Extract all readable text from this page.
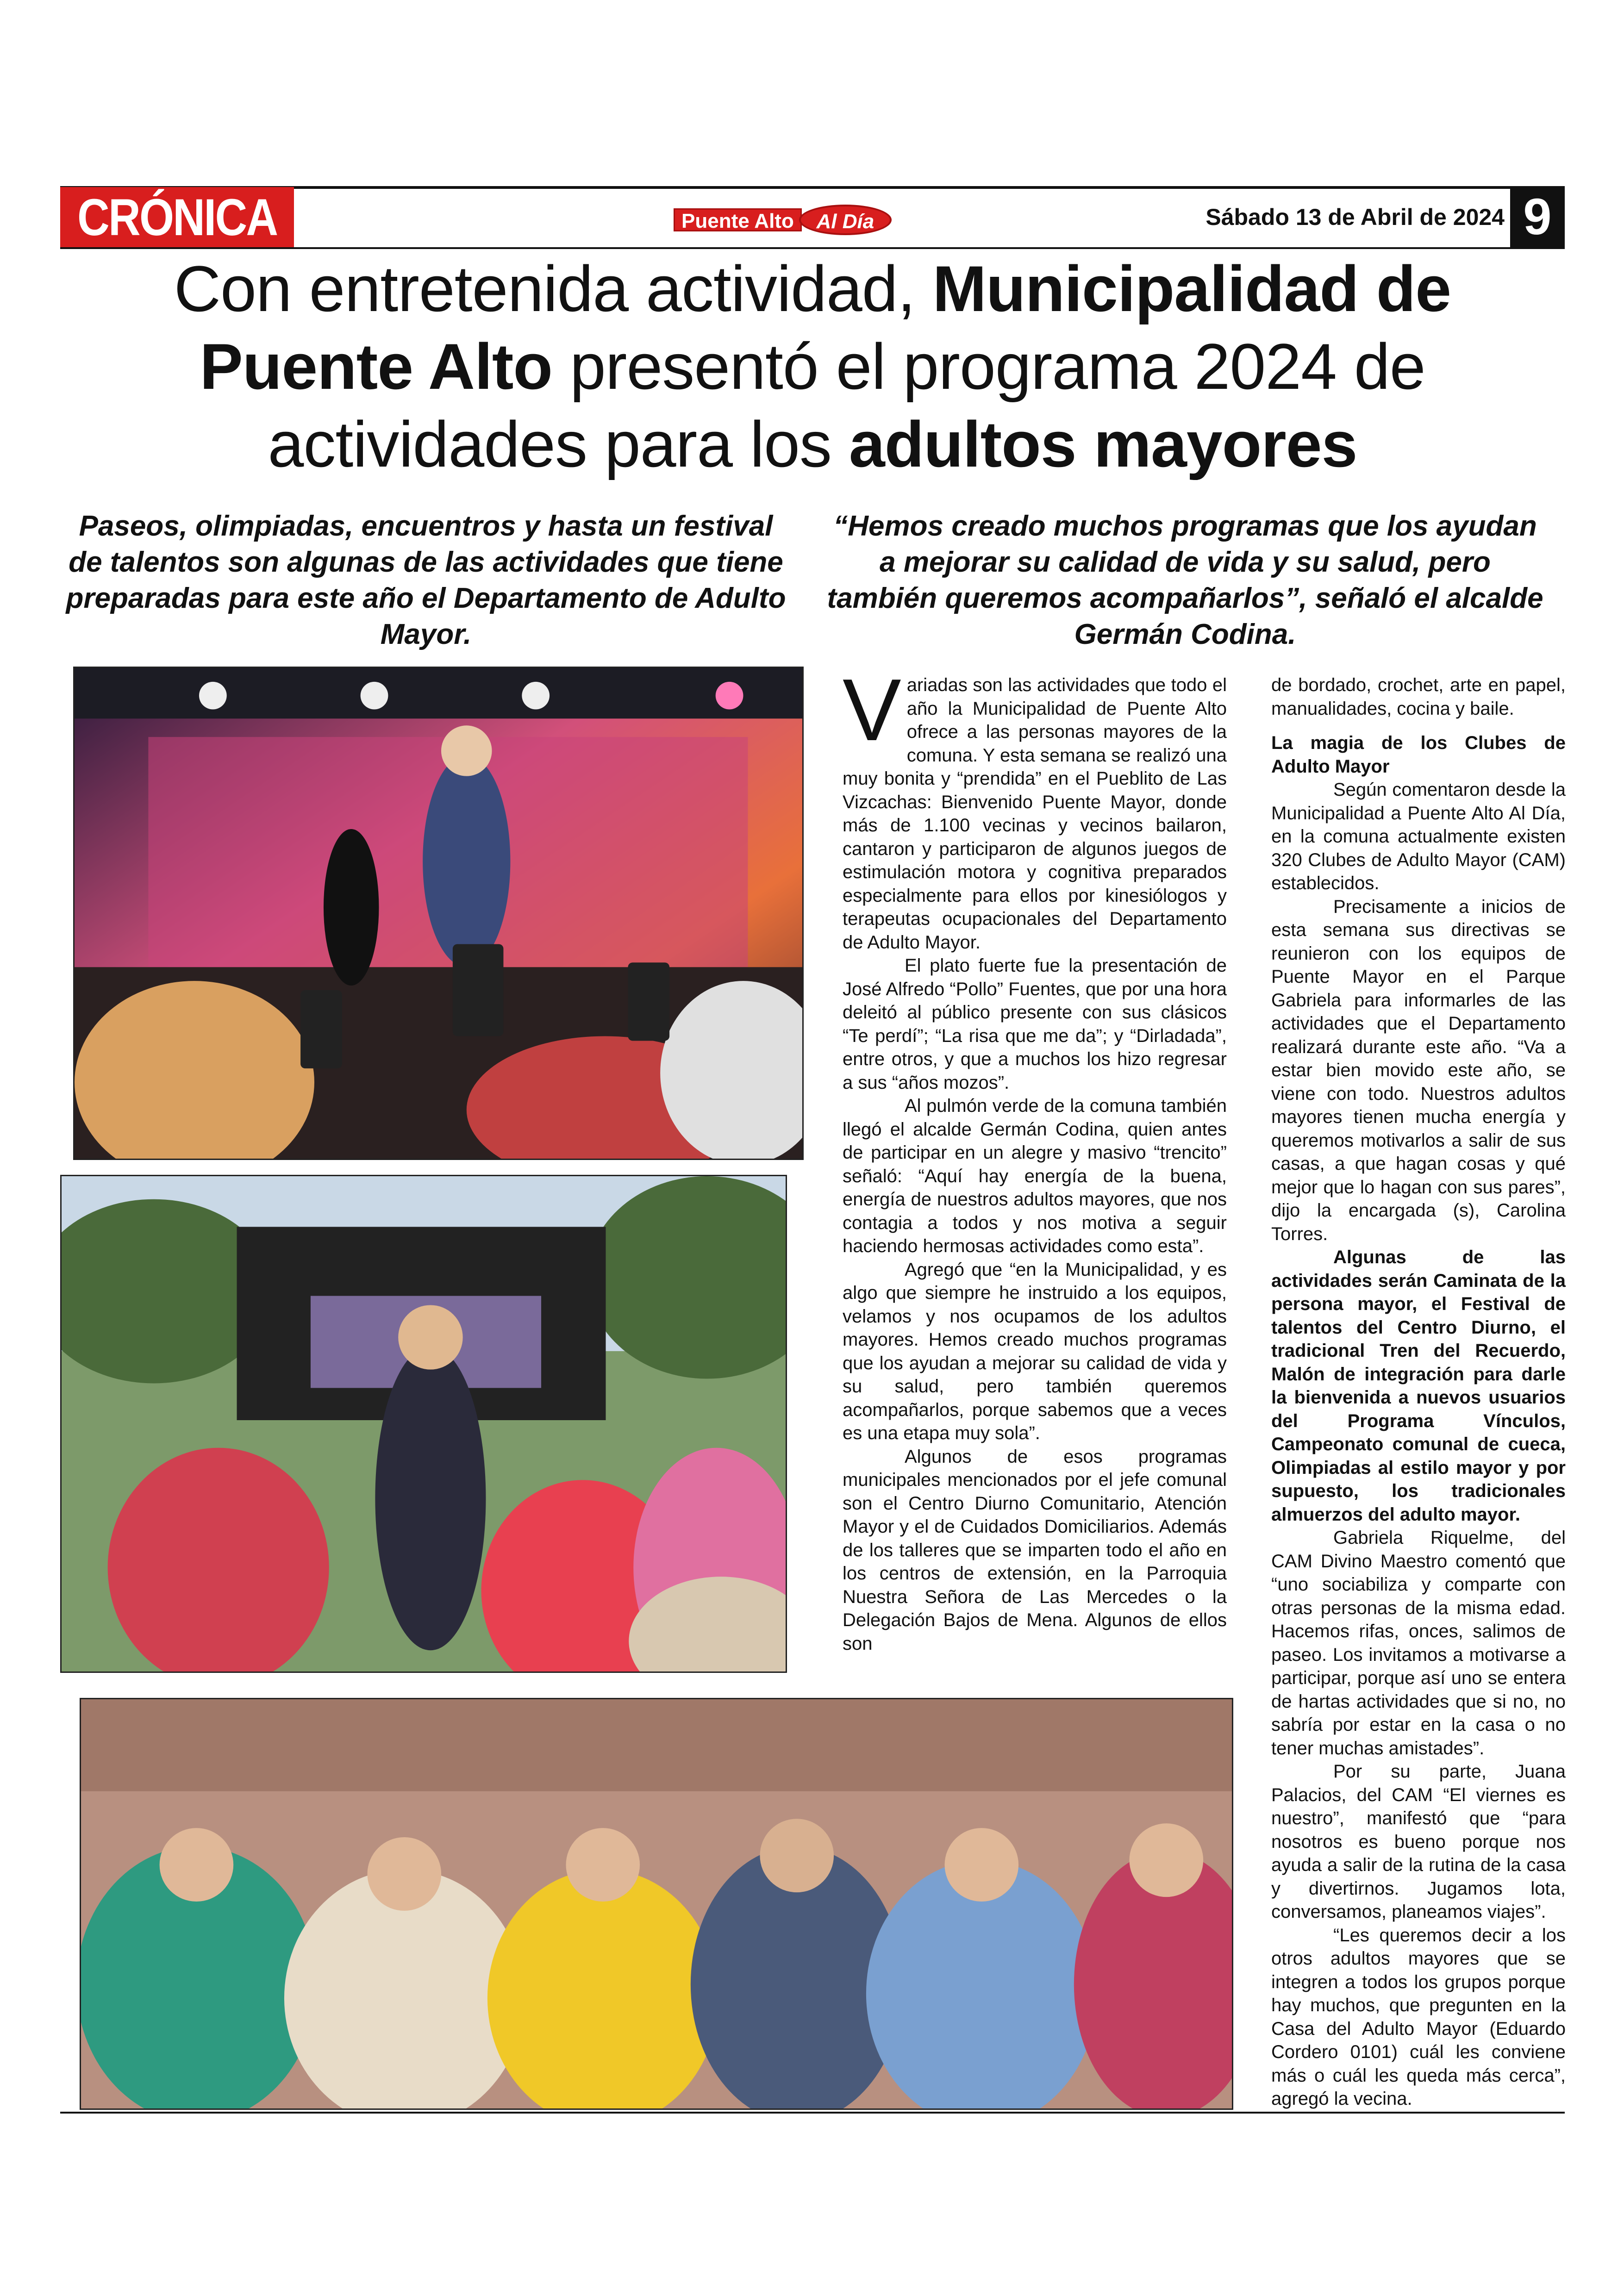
CRÓNICA	Puente Alto	Al Día	Sábado 13 de Abril de 2024 9
Con entretenida actividad, Municipalidad de Puente Alto presentó el programa 2024 de actividades para los adultos mayores
Paseos, olimpiadas, encuentros y hasta un festival de talentos son algunas de las actividades que tiene preparadas para este año el Departamento de Adulto Mayor.
“Hemos creado muchos programas que los ayudan a mejorar su calidad de vida y su salud, pero también queremos acompañarlos”, señaló el alcalde Germán Codina.

Variadas son las actividades que todo el año la Municipalidad de Puente Alto ofrece a las personas mayores de la comuna. Y esta semana se realizó una muy bonita y “prendida” en el Pueblito de Las Vizcachas: Bienvenido Puente Mayor, donde más de 1.100 vecinas y vecinos bailaron, cantaron y participaron de algunos juegos de estimulación motora y cognitiva preparados especialmente para ellos por kinesiólogos y terapeutas ocupacionales del Departamento de Adulto Mayor.

El plato fuerte fue la presentación de José Alfredo “Pollo” Fuentes, que por una hora deleitó al público presente con sus clásicos “Te perdí”; “La risa que me da”; y “Dirladada”, entre otros, y que a muchos los hizo regresar a sus “años mozos”.

Al pulmón verde de la comuna también llegó el alcalde Germán Codina, quien antes de participar en un alegre y masivo “trencito” señaló: “Aquí hay energía de la buena, energía de nuestros adultos mayores, que nos contagia a todos y nos motiva a seguir haciendo hermosas actividades como esta”.

Agregó que “en la Municipalidad, y es algo que siempre he instruido a los equipos, velamos y nos ocupamos de los adultos mayores. Hemos creado muchos programas que los ayudan a mejorar su calidad de vida y su salud, pero también queremos acompañarlos, porque sabemos que a veces es una etapa muy sola”.

Algunos de esos programas municipales mencionados por el jefe comunal son el Centro Diurno Comunitario, Atención Mayor y el de Cuidados Domiciliarios. Además de los talleres que se imparten todo el año en los centros de extensión, en la Parroquia Nuestra Señora de Las Mercedes o la Delegación Bajos de Mena. Algunos de ellos son

de bordado, crochet, arte en papel, manualidades, cocina y baile.

La magia de los Clubes de Adulto Mayor

Según comentaron desde la Municipalidad a Puente Alto Al Día, en la comuna actualmente existen 320 Clubes de Adulto Mayor (CAM) establecidos.

Precisamente a inicios de esta semana sus directivas se reunieron con los equipos de Puente Mayor en el Parque Gabriela para informarles de las actividades que el Departamento realizará durante este año. “Va a estar bien movido este año, se viene con todo. Nuestros adultos mayores tienen mucha energía y queremos motivarlos a salir de sus casas, a que hagan cosas y qué mejor que lo hagan con sus pares”, dijo la encargada (s), Carolina Torres.

Algunas de las actividades serán Caminata de la persona mayor, el Festival de talentos del Centro Diurno, el tradicional Tren del Recuerdo, Malón de integración para darle la bienvenida a nuevos usuarios del Programa Vínculos, Campeonato comunal de cueca, Olimpiadas al estilo mayor y por supuesto, los tradicionales almuerzos del adulto mayor.

Gabriela Riquelme, del CAM Divino Maestro comentó que “uno sociabiliza y comparte con otras personas de la misma edad. Hacemos rifas, onces, salimos de paseo. Los invitamos a motivarse a participar, porque así uno se entera de hartas actividades que si no, no sabría por estar en la casa o no tener muchas amistades”.

Por su parte, Juana Palacios, del CAM “El viernes es nuestro”, manifestó que “para nosotros es bueno porque nos ayuda a salir de la rutina de la casa y divertirnos. Jugamos lota, conversamos, planeamos viajes”.

“Les queremos decir a los otros adultos mayores que se integren a todos los grupos porque hay muchos, que pregunten en la Casa del Adulto Mayor (Eduardo Cordero 0101) cuál les conviene más o cuál les queda más cerca”, agregó la vecina.
